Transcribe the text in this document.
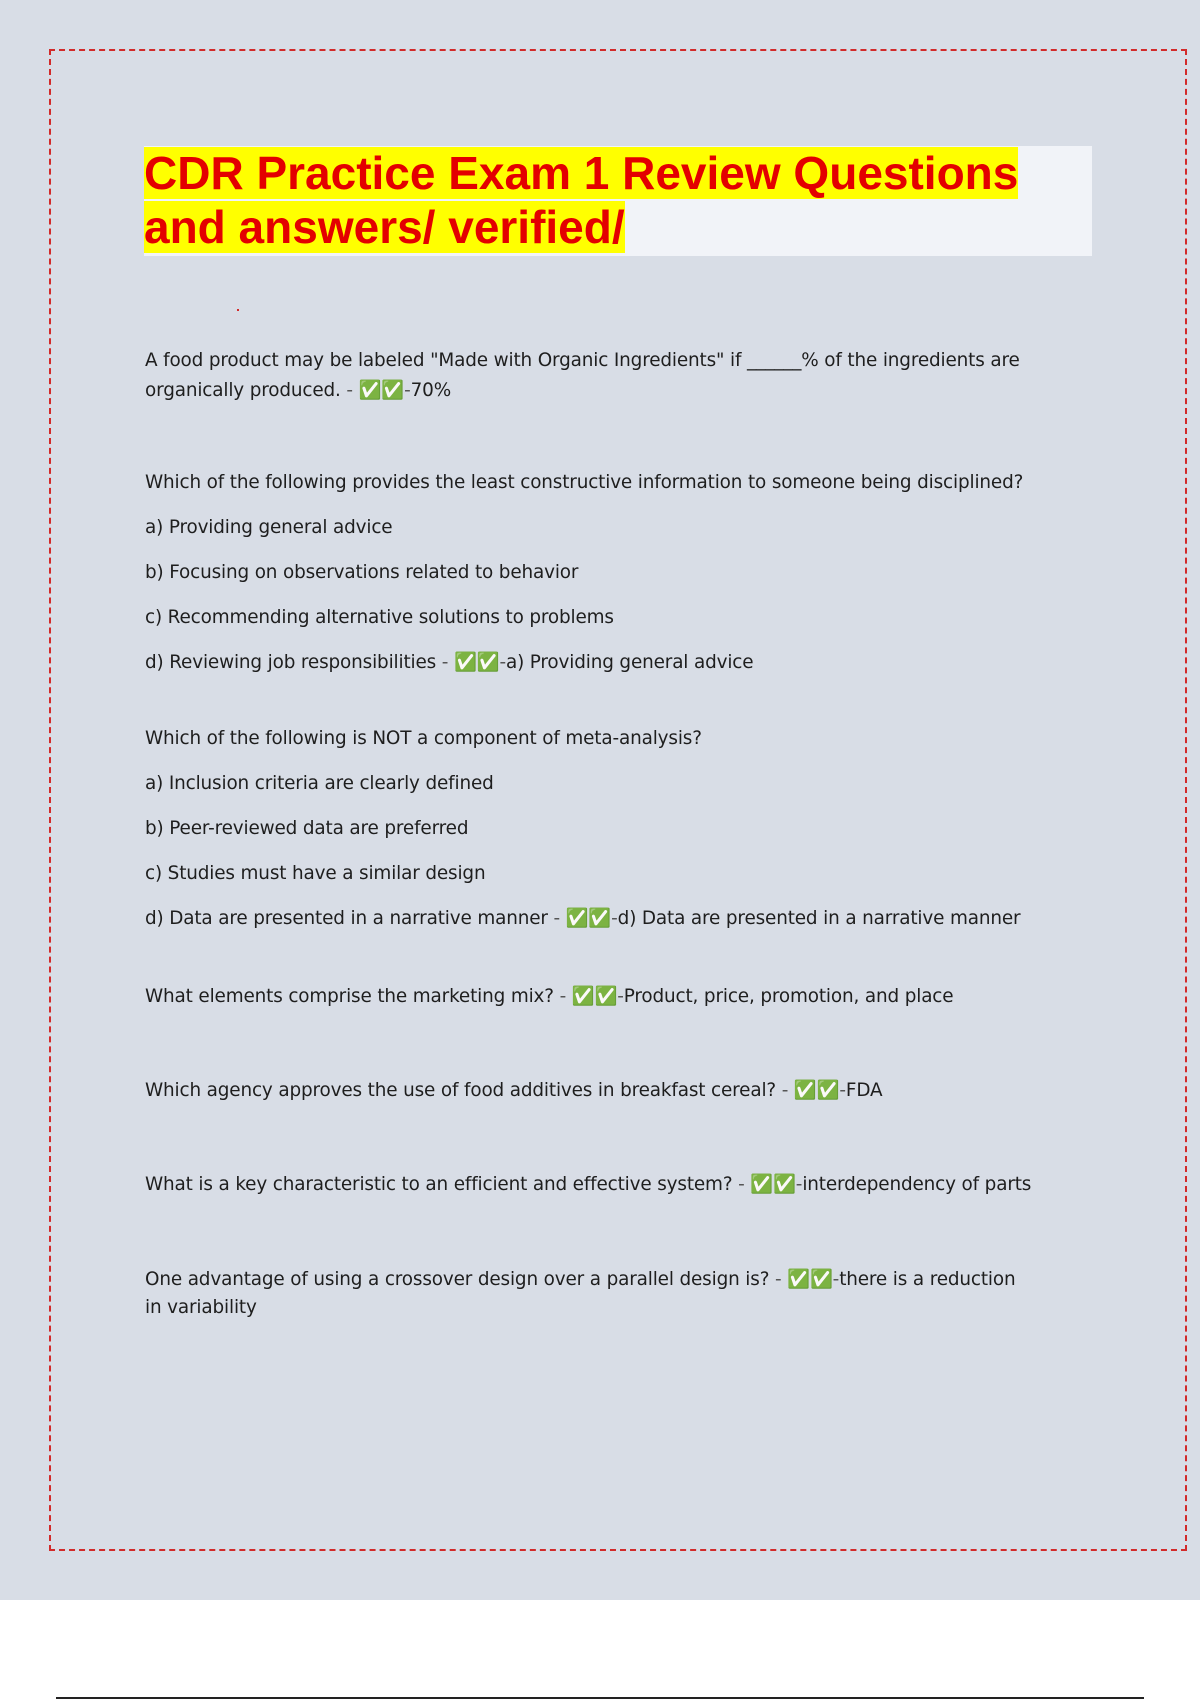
CDR Practice Exam 1 Review Questions
and answers/ verified/

A food product may be labeled "Made with Organic Ingredients" if ______% of the ingredients are organically produced. - ✅✅-70%

Which of the following provides the least constructive information to someone being disciplined?

a) Providing general advice

b) Focusing on observations related to behavior

c) Recommending alternative solutions to problems

d) Reviewing job responsibilities - ✅✅-a) Providing general advice

Which of the following is NOT a component of meta-analysis?

a) Inclusion criteria are clearly defined

b) Peer-reviewed data are preferred

c) Studies must have a similar design

d) Data are presented in a narrative manner - ✅✅-d) Data are presented in a narrative manner

What elements comprise the marketing mix? - ✅✅-Product, price, promotion, and place

Which agency approves the use of food additives in breakfast cereal? - ✅✅-FDA

What is a key characteristic to an efficient and effective system? - ✅✅-interdependency of parts

One advantage of using a crossover design over a parallel design is? - ✅✅-there is a reduction in variability
